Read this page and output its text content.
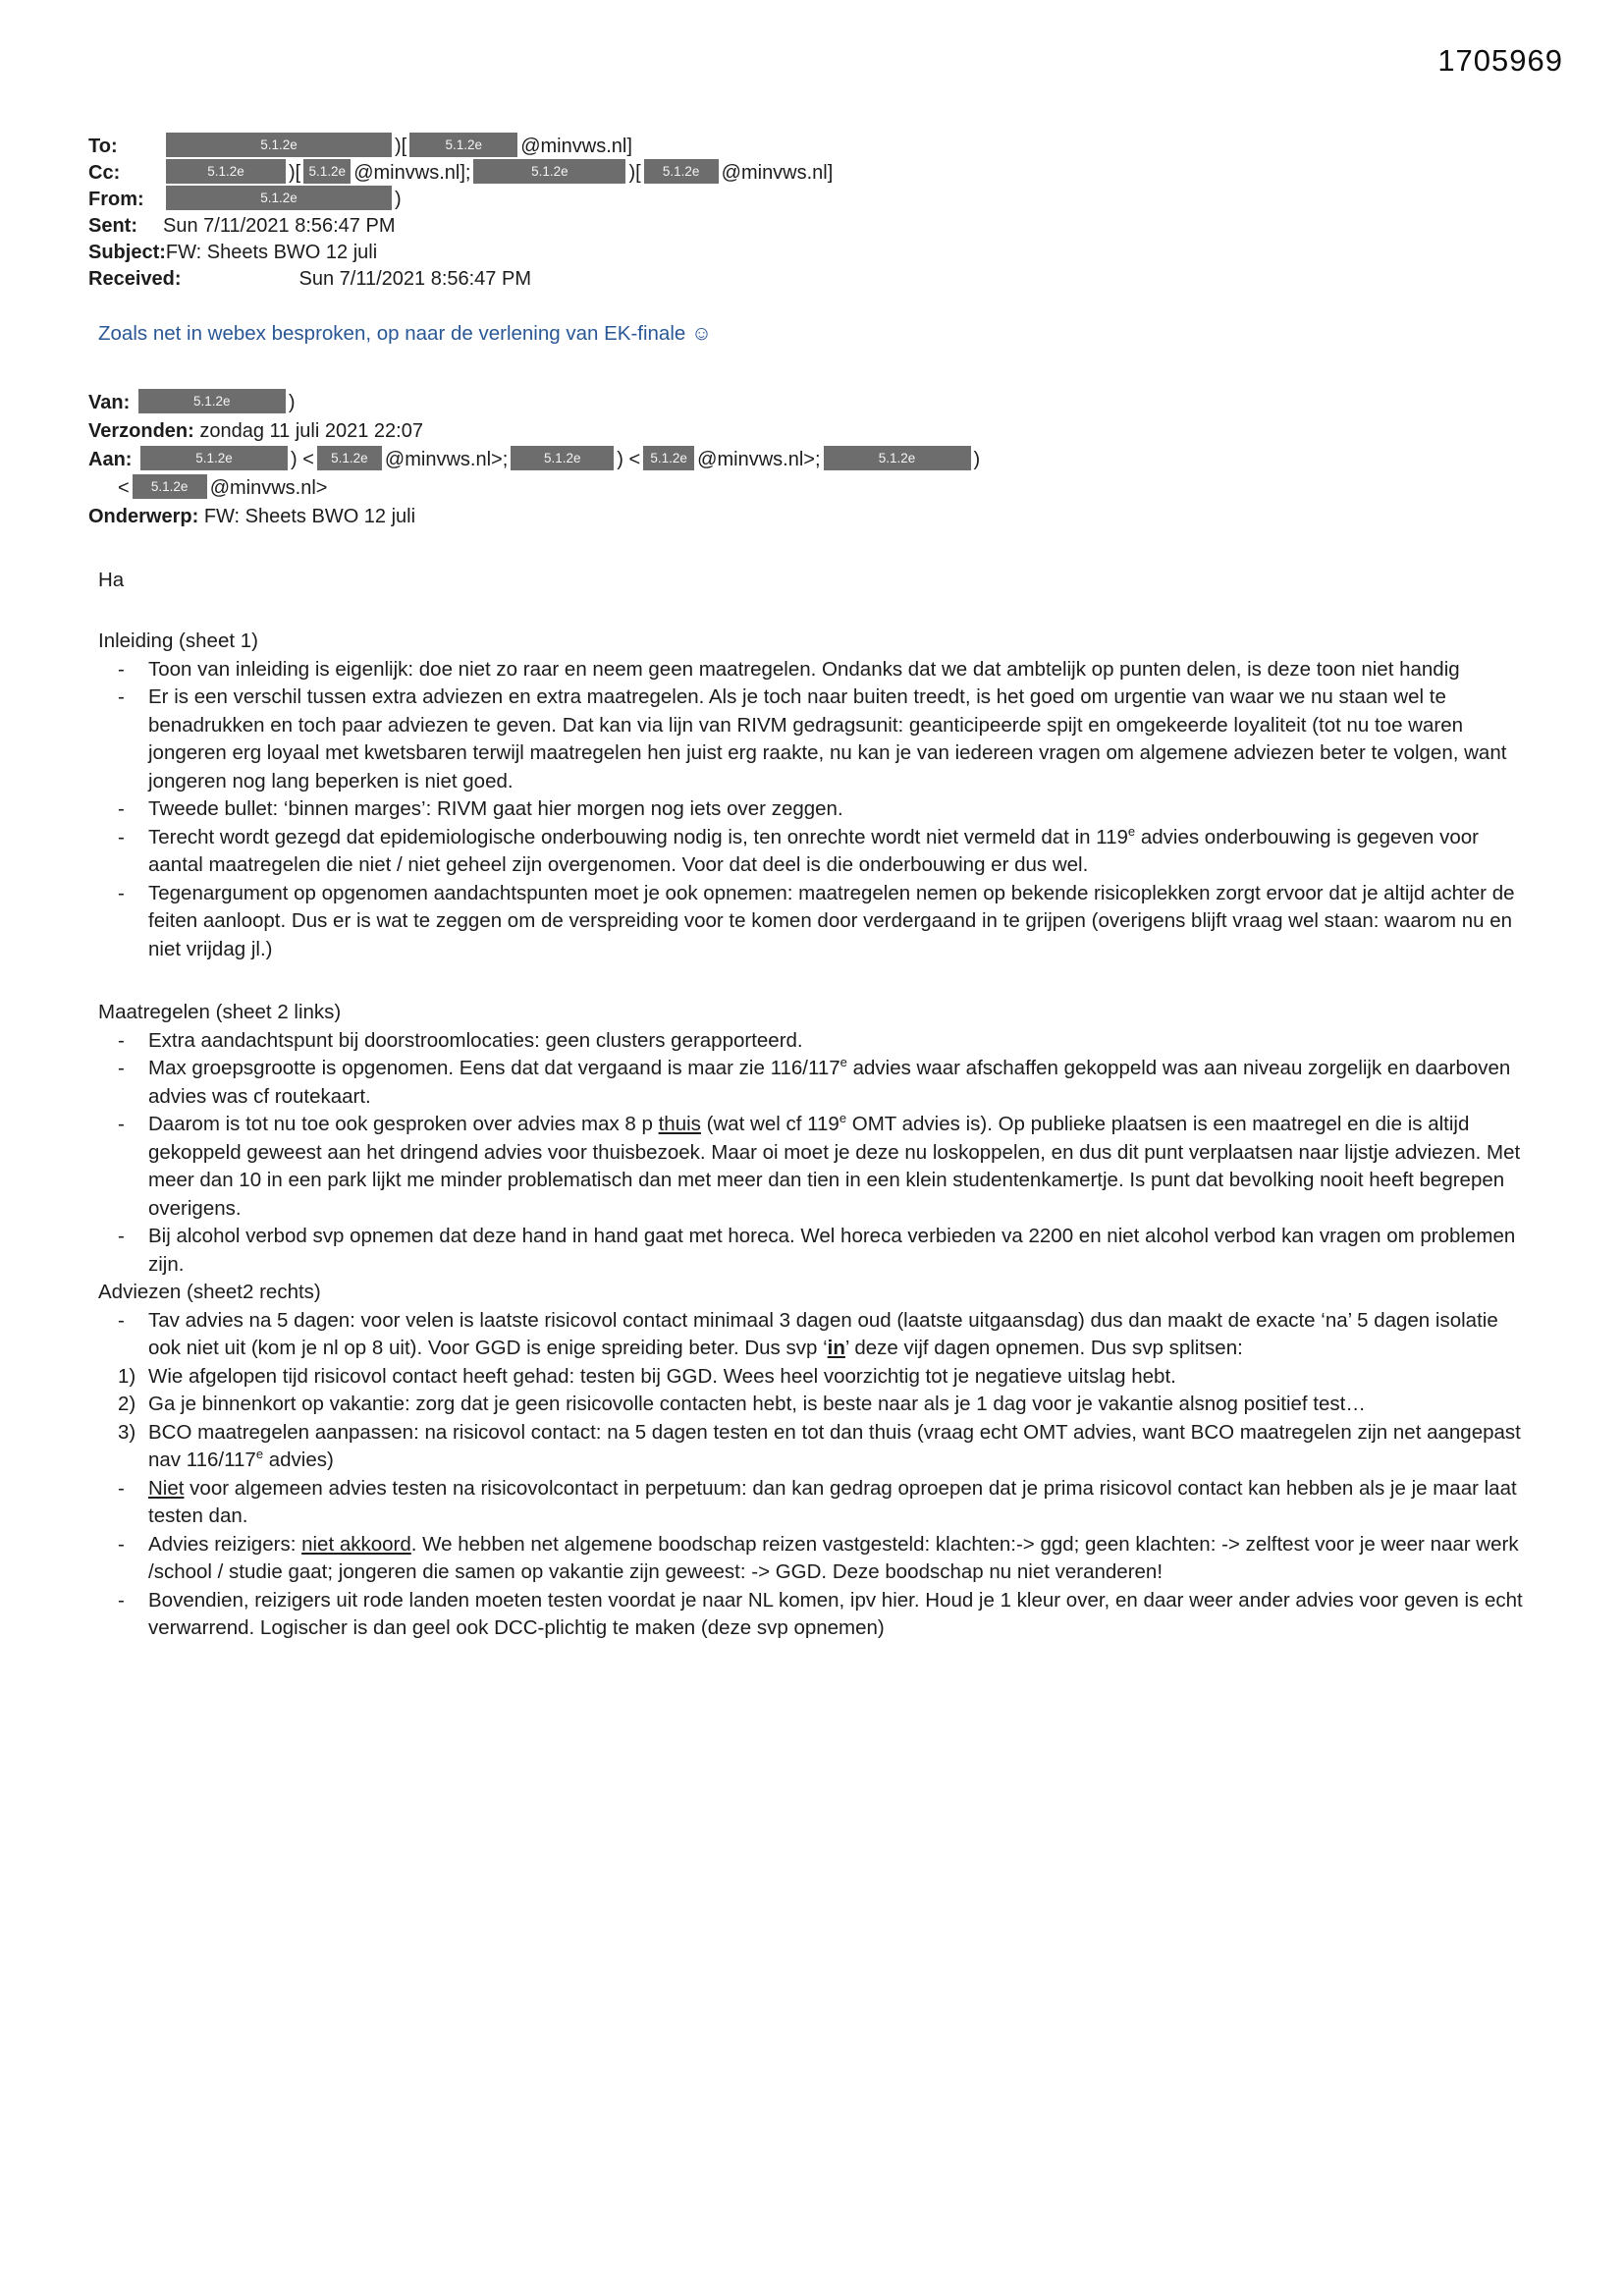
1705969
To:	5.1.2e	)[	5.1.2e @minvws.nl]
Cc:	5.1.2e )[ 5.1.2e @minvws.nl];	5.1.2e	)[ 5.1.2e @minvws.nl]
From:	5.1.2e	)
Sent:	Sun 7/11/2021 8:56:47 PM
Subject: FW: Sheets BWO 12 juli
Received:	Sun 7/11/2021 8:56:47 PM
Zoals net in webex besproken, op naar de verlening van EK-finale ☺
Van:	5.1.2e	)
Verzonden: zondag 11 juli 2021 22:07
Aan:	5.1.2e	) < 5.1.2e @minvws.nl>;	5.1.2e ) < 5.1.2e @minvws.nl>;	5.1.2e	)
< 5.1.2e @minvws.nl>
Onderwerp: FW: Sheets BWO 12 juli
Ha
Inleiding (sheet 1)
-	Toon van inleiding is eigenlijk: doe niet zo raar en neem geen maatregelen. Ondanks dat we dat ambtelijk op punten delen, is deze toon niet handig
-	Er is een verschil tussen extra adviezen en extra maatregelen. Als je toch naar buiten treedt, is het goed om urgentie van waar we nu staan wel te benadrukken en toch paar adviezen te geven. Dat kan via lijn van RIVM gedragsunit: geanticipeerde spijt en omgekeerde loyaliteit (tot nu toe waren jongeren erg loyaal met kwetsbaren terwijl maatregelen hen juist erg raakte, nu kan je van iedereen vragen om algemene adviezen beter te volgen, want jongeren nog lang beperken is niet goed.
-	Tweede bullet: ‘binnen marges’: RIVM gaat hier morgen nog iets over zeggen.
-	Terecht wordt gezegd dat epidemiologische onderbouwing nodig is, ten onrechte wordt niet vermeld dat in 119e advies onderbouwing is gegeven voor aantal maatregelen die niet / niet geheel zijn overgenomen. Voor dat deel is die onderbouwing er dus wel.
-	Tegenargument op opgenomen aandachtspunten moet je ook opnemen: maatregelen nemen op bekende risicoplekken zorgt ervoor dat je altijd achter de feiten aanloopt. Dus er is wat te zeggen om de verspreiding voor te komen door verdergaand in te grijpen (overigens blijft vraag wel staan: waarom nu en niet vrijdag jl.)
Maatregelen (sheet 2 links)
-	Extra aandachtspunt bij doorstroomlocaties: geen clusters gerapporteerd.
-	Max groepsgrootte is opgenomen. Eens dat dat vergaand is maar zie 116/117e advies waar afschaffen gekoppeld was aan niveau zorgelijk en daarboven advies was cf routekaart.
-	Daarom is tot nu toe ook gesproken over advies max 8 p thuis (wat wel cf 119e OMT advies is). Op publieke plaatsen is een maatregel en die is altijd gekoppeld geweest aan het dringend advies voor thuisbezoek. Maar oi moet je deze nu loskoppelen, en dus dit punt verplaatsen naar lijstje adviezen. Met meer dan 10 in een park lijkt me minder problematisch dan met meer dan tien in een klein studentenkamertje. Is punt dat bevolking nooit heeft begrepen overigens.
-	Bij alcohol verbod svp opnemen dat deze hand in hand gaat met horeca. Wel horeca verbieden va 2200 en niet alcohol verbod kan vragen om problemen zijn.
Adviezen (sheet2 rechts)
-	Tav advies na 5 dagen: voor velen is laatste risicovol contact minimaal 3 dagen oud (laatste uitgaansdag) dus dan maakt de exacte ‘na’ 5 dagen isolatie ook niet uit (kom je nl op 8 uit). Voor GGD is enige spreiding beter. Dus svp ‘in’ deze vijf dagen opnemen. Dus svp splitsen:
1) Wie afgelopen tijd risicovol contact heeft gehad: testen bij GGD. Wees heel voorzichtig tot je negatieve uitslag hebt.
2) Ga je binnenkort op vakantie: zorg dat je geen risicovolle contacten hebt, is beste naar als je 1 dag voor je vakantie alsnog positief test…
3) BCO maatregelen aanpassen: na risicovol contact: na 5 dagen testen en tot dan thuis (vraag echt OMT advies, want BCO maatregelen zijn net aangepast nav 116/117e advies)
-	Niet voor algemeen advies testen na risicovolcontact in perpetuum: dan kan gedrag oproepen dat je prima risicovol contact kan hebben als je je maar laat testen dan.
-	Advies reizigers: niet akkoord. We hebben net algemene boodschap reizen vastgesteld: klachten:-> ggd; geen klachten: -> zelftest voor je weer naar werk /school / studie gaat; jongeren die samen op vakantie zijn geweest: -> GGD. Deze boodschap nu niet veranderen!
-	Bovendien, reizigers uit rode landen moeten testen voordat je naar NL komen, ipv hier. Houd je 1 kleur over, en daar weer ander advies voor geven is echt verwarrend. Logischer is dan geel ook DCC-plichtig te maken (deze svp opnemen)
